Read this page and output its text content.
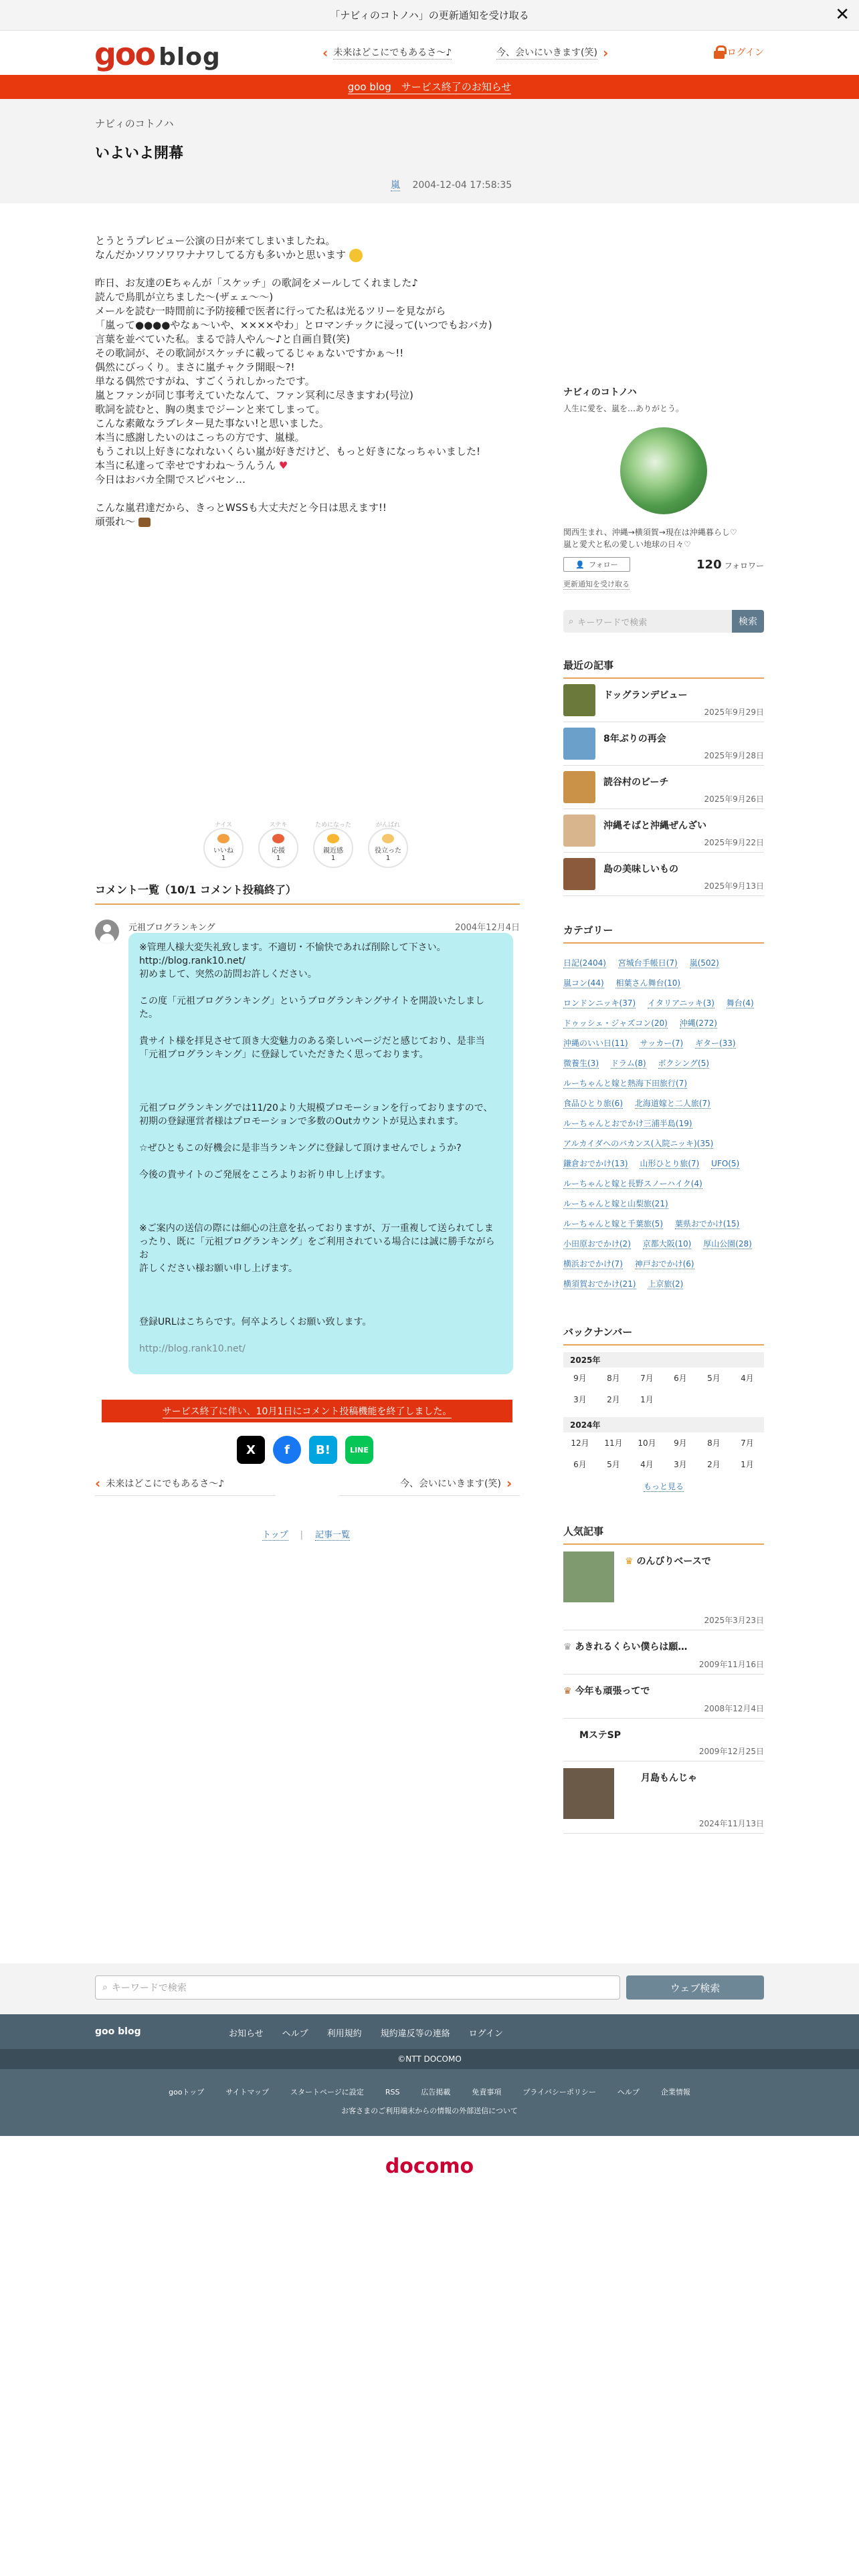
「ナビィのコトノハ」の更新通知を受け取る	✕
goo blog	‹ 未来はどこにでもあるさ～♪	今、会いにいきます(笑) ›	ログイン
goo blog　サービス終了のお知らせ
ナビィのコトノハ
いよいよ開幕
嵐 2004-12-04 17:58:35
とうとうプレビュー公演の日が来てしまいましたね。
なんだかソワソワワナナワしてる方も多いかと思います

昨日、お友達のEちゃんが「スケッチ」の歌詞をメールしてくれました♪
読んで鳥肌が立ちました〜(ザェェ〜〜)
メールを読む一時間前に予防接種で医者に行ってた私は光るツリーを見ながら
「嵐って●●●●やなぁ〜いや、××××やわ」とロマンチックに浸って(いつでもおバカ)
言葉を並べていた私。まるで詩人やん〜♪と自画自賛(笑)
その歌詞が、その歌詞がスケッチに載ってるじゃぁないですかぁ〜!!
偶然にびっくり。まさに嵐チャクラ開眼〜?!
単なる偶然ですがね、すごくうれしかったです。
嵐とファンが同じ事考えていたなんて、ファン冥利に尽きますわ(号泣)
歌詞を読むと、胸の奥までジーンと来てしまって。
こんな素敵なラブレター見た事ない!と思いました。
本当に感謝したいのはこっちの方です、嵐様。
もうこれ以上好きになれないくらい嵐が好きだけど、もっと好きになっちゃいました!
本当に私達って幸せですわね〜うんうん ♥
今日はおバカ全開でスピバセン…

こんな嵐君達だから、きっとWSSも大丈夫だと今日は思えます!!
頑張れ〜
ナイス
いいね
1
ステキ
応援
1
ためになった
親近感
1
がんばれ
役立った
1
コメント一覧（10/1 コメント投稿終了）
元祖ブログランキング	2004年12月4日

※管理人様大変失礼致します。不適切・不愉快であれば削除して下さい。
http://blog.rank10.net/
初めまして、突然の訪問お許しください。

この度「元祖ブログランキング」というブログランキングサイトを開設いたしました。

貴サイト様を拝見させて頂き大変魅力のある楽しいページだと感じており、是非当
「元祖ブログランキング」に登録していただきたく思っております。

元祖ブログランキングでは11/20より大規模プロモーションを行っておりますので、
初期の登録運営者様はプロモーションで多数のOutカウントが見込まれます。

☆ぜひともこの好機会に是非当ランキングに登録して頂けませんでしょうか?

今後の貴サイトのご発展をこころよりお祈り申し上げます。

※ご案内の送信の際には細心の注意を払っておりますが、万一重複して送られてしま
ったり、既に「元祖ブログランキング」をご利用されている場合には誠に勝手ながらお
許しください様お願い申し上げます。

登録URLはこちらです。何卒よろしくお願い致します。

http://blog.rank10.net/
サービス終了に伴い、10月1日にコメント投稿機能を終了しました。
X	f	B!	LINE
‹ 未来はどこにでもあるさ～♪	今、会いにいきます(笑) ›
トップ | 記事一覧
ナビィのコトノハ
人生に愛を、嵐を…ありがとう。
関西生まれ、沖縄→横須賀→現在は沖縄暮らし♡
嵐と愛犬と私の愛しい地球の日々♡
👤 フォロー	120 フォロワー
更新通知を受け取る
⌕ キーワードで検索	検索
最近の記事
ドッグランデビュー
2025年9月29日
8年ぶりの再会
2025年9月28日
読谷村のビーチ
2025年9月26日
沖縄そばと沖縄ぜんざい
2025年9月22日
島の美味しいもの
2025年9月13日
カテゴリー
日記(2404) 宮城台手帳日(7) 嵐(502) 嵐コン(44) 相葉さん舞台(10) ロンドンニッキ(37) イタリアニッキ(3) 舞台(4) ドゥッシェ・ジャズコン(20) 沖縄(272) 沖縄のいい日(11) サッカー(7) ギター(33) 微養生(3) ドラム(8) ボクシング(5) ルーちゃんと嫁と熱海下田旅行(7) 食品ひとり旅(6) 北海道嫁と二人旅(7) ルーちゃんとおでかけ三浦半島(19) アルカイダへのバカンス(入院ニッキ)(35) 鎌倉おでかけ(13) 山形ひとり旅(7) UFO(5) ルーちゃんと嫁と長野スノーハイク(4) ルーちゃんと嫁と山梨旅(21) ルーちゃんと嫁と千葉旅(5) 葉県おでかけ(15) 小田原おでかけ(2) 京都大阪(10) 厚山公園(28) 横浜おでかけ(7) 神戸おでかけ(6) 横須賀おでかけ(21) 上京旅(2)
バックナンバー
2025年
9月	8月	7月	6月	5月	4月
3月	2月	1月
2024年
12月	11月	10月	9月	8月	7月
6月	5月	4月	3月	2月	1月
もっと見る
人気記事
♛ のんびりベースで
2025年3月23日
♛ あきれるくらい僕らは願…
2009年11月16日
♛ 今年も頑張ってで
2008年12月4日
MステSP
2009年12月25日
月島もんじゃ
2024年11月13日
⌕ キーワードで検索	ウェブ検索
goo blog	お知らせ ヘルプ 利用規約 規約違反等の連絡 ログイン
©NTT DOCOMO
gooトップ	サイトマップ	スタートページに設定	RSS	広告掲載	免責事項	プライバシーポリシー	ヘルプ	企業情報
お客さまのご利用端末からの情報の外部送信について
docomo
